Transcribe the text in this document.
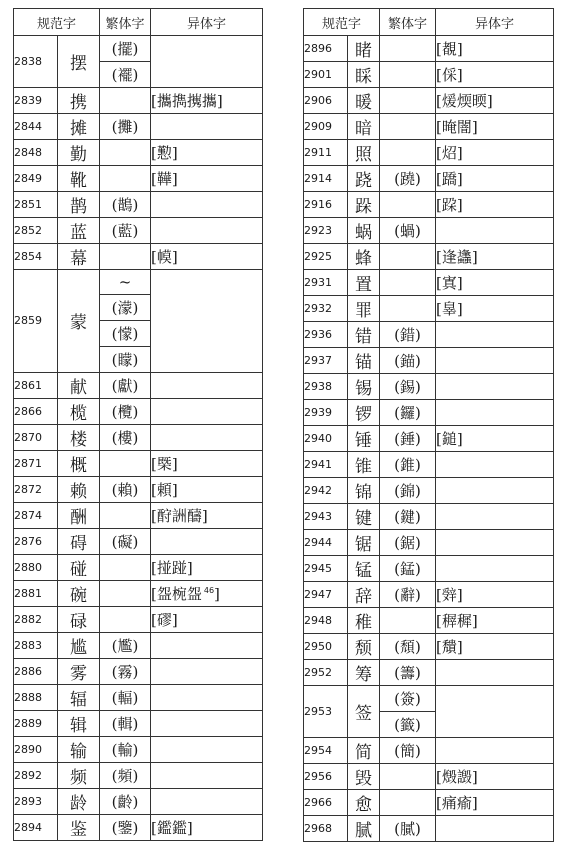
规范字		繁体字	异体字
2838	摆	(擺)	
		(襬)	
2839	携		[攜擕㩗攜]
2844	摊	(攤)	
2848	勤		[懃]
2849	靴		[鞾]
2851	鹊	(鵲)	
2852	蓝	(藍)	
2854	幕		[幙]
2859	蒙	~	
		(濛)	
		(懞)	
		(矇)	
2861	献	(獻)	
2866	榄	(欖)	
2870	楼	(樓)	
2871	概		[槩]
2872	赖	(賴)	[頼]
2874	酬		[酧詶醻]
2876	碍	(礙)	
2880	碰		[掽踫]
2881	碗		[盌椀盌 $^{46}$]
2882	碌		[磟]
2883	尴	(尷)	
2886	雾	(霧)	
2888	辐	(輻)	
2889	辑	(輯)	
2890	输	(輸)	
2892	频	(頻)	
2893	龄	(齡)	
2894	鉴	(鑒)	[鑑鑑]
规范字		繁体字	异体字
2896	睹		[覩]
2901	睬		[倸]
2906	暖		[煖煗㬉]
2909	暗		[晻闇]
2911	照		[炤]
2914	跷	(蹺)	[蹻]
2916	跺		[跥]
2923	蜗	(蝸)	
2925	蜂		[逢蠭]
2931	置		[寘]
2932	罪		[辠]
2936	错	(錯)	
2937	锚	(錨)	
2938	锡	(錫)	
2939	锣	(鑼)	
2940	锤	(錘)	[鎚]
2941	锥	(錐)	
2942	锦	(錦)	
2943	键	(鍵)	
2944	锯	(鋸)	
2945	锰	(錳)	
2947	辞	(辭)	[辤]
2948	稚		[稺穉]
2950	颓	(頹)	[穨]
2952	筹	(籌)	
2953	签	(簽)	
		(籤)	
2954	简	(簡)	
2956	毁		[燬譭]
2966	愈		[痛瘉]
2968	腻	(膩)	
